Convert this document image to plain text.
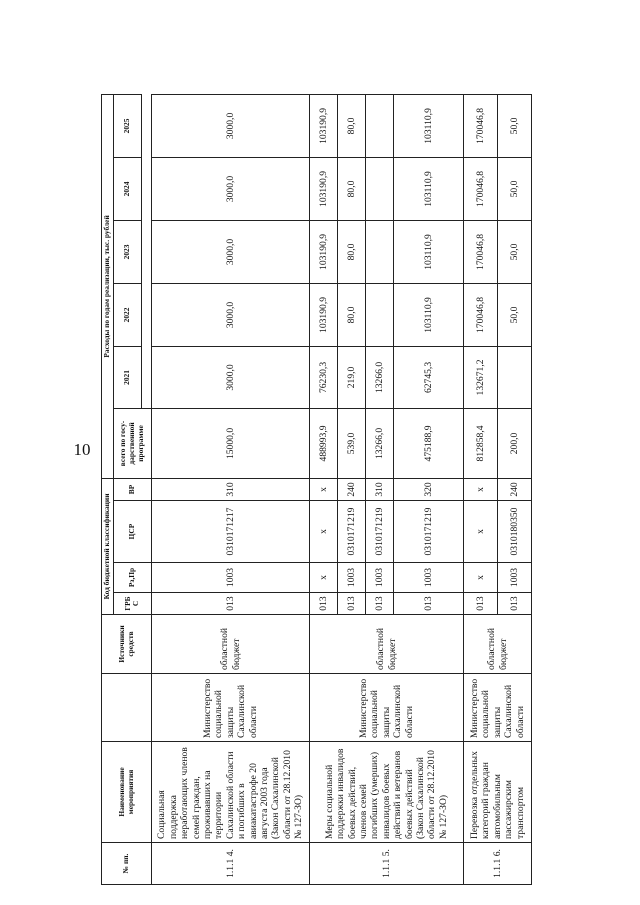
10
№ пп.	Наименование мероприятия		Источники средств	Код бюджетной классификации				Расходы по годам реализации, тыс. рублей					
				ГРБ С	Рз,Пр	ЦСР	ВР	всего по госу-дарственной программе	2021	2022	2023	2024	2025

1.1.1 4.	Социальная поддержка неработающих членов семей граждан, проживавших на территории Сахалинской области и погибших в авиакатастрофе 20 августа 2003 года (Закон Сахалинской области от 28.12.2010 № 127-ЗО)	Министерство социальной защиты Сахалинской области	областной бюджет	013	1003	0310171217	310	15000,0	3000,0	3000,0	3000,0	3000,0	3000,0
1.1.1 5.	Меры социальной поддержки инвалидов боевых действий, членов семей погибших (умерших) инвалидов боевых действий и ветеранов боевых действий (Закон Сахалинской области от 28.12.2010 № 127-ЗО)	Министерство социальной защиты Сахалинской области	областной бюджет	013	х	х	х	488993,9	76230,3	103190,9	103190,9	103190,9	103190,9
				013	1003	0310171219	240	539,0	219,0	80,0	80,0	80,0	80,0
				013	1003	0310171219	310	13266,0	13266,0				
				013	1003	0310171219	320	475188,9	62745,3	103110,9	103110,9	103110,9	103110,9
1.1.1 6.	Перевозка отдельных категорий граждан автомобильным пассажирским транспортом	Министерство социальной защиты Сахалинской области	областной бюджет	013	х	х	х	812858,4	132671,2	170046,8	170046,8	170046,8	170046,8
				013	1003	0310180350	240	200,0		50,0	50,0	50,0	50,0
